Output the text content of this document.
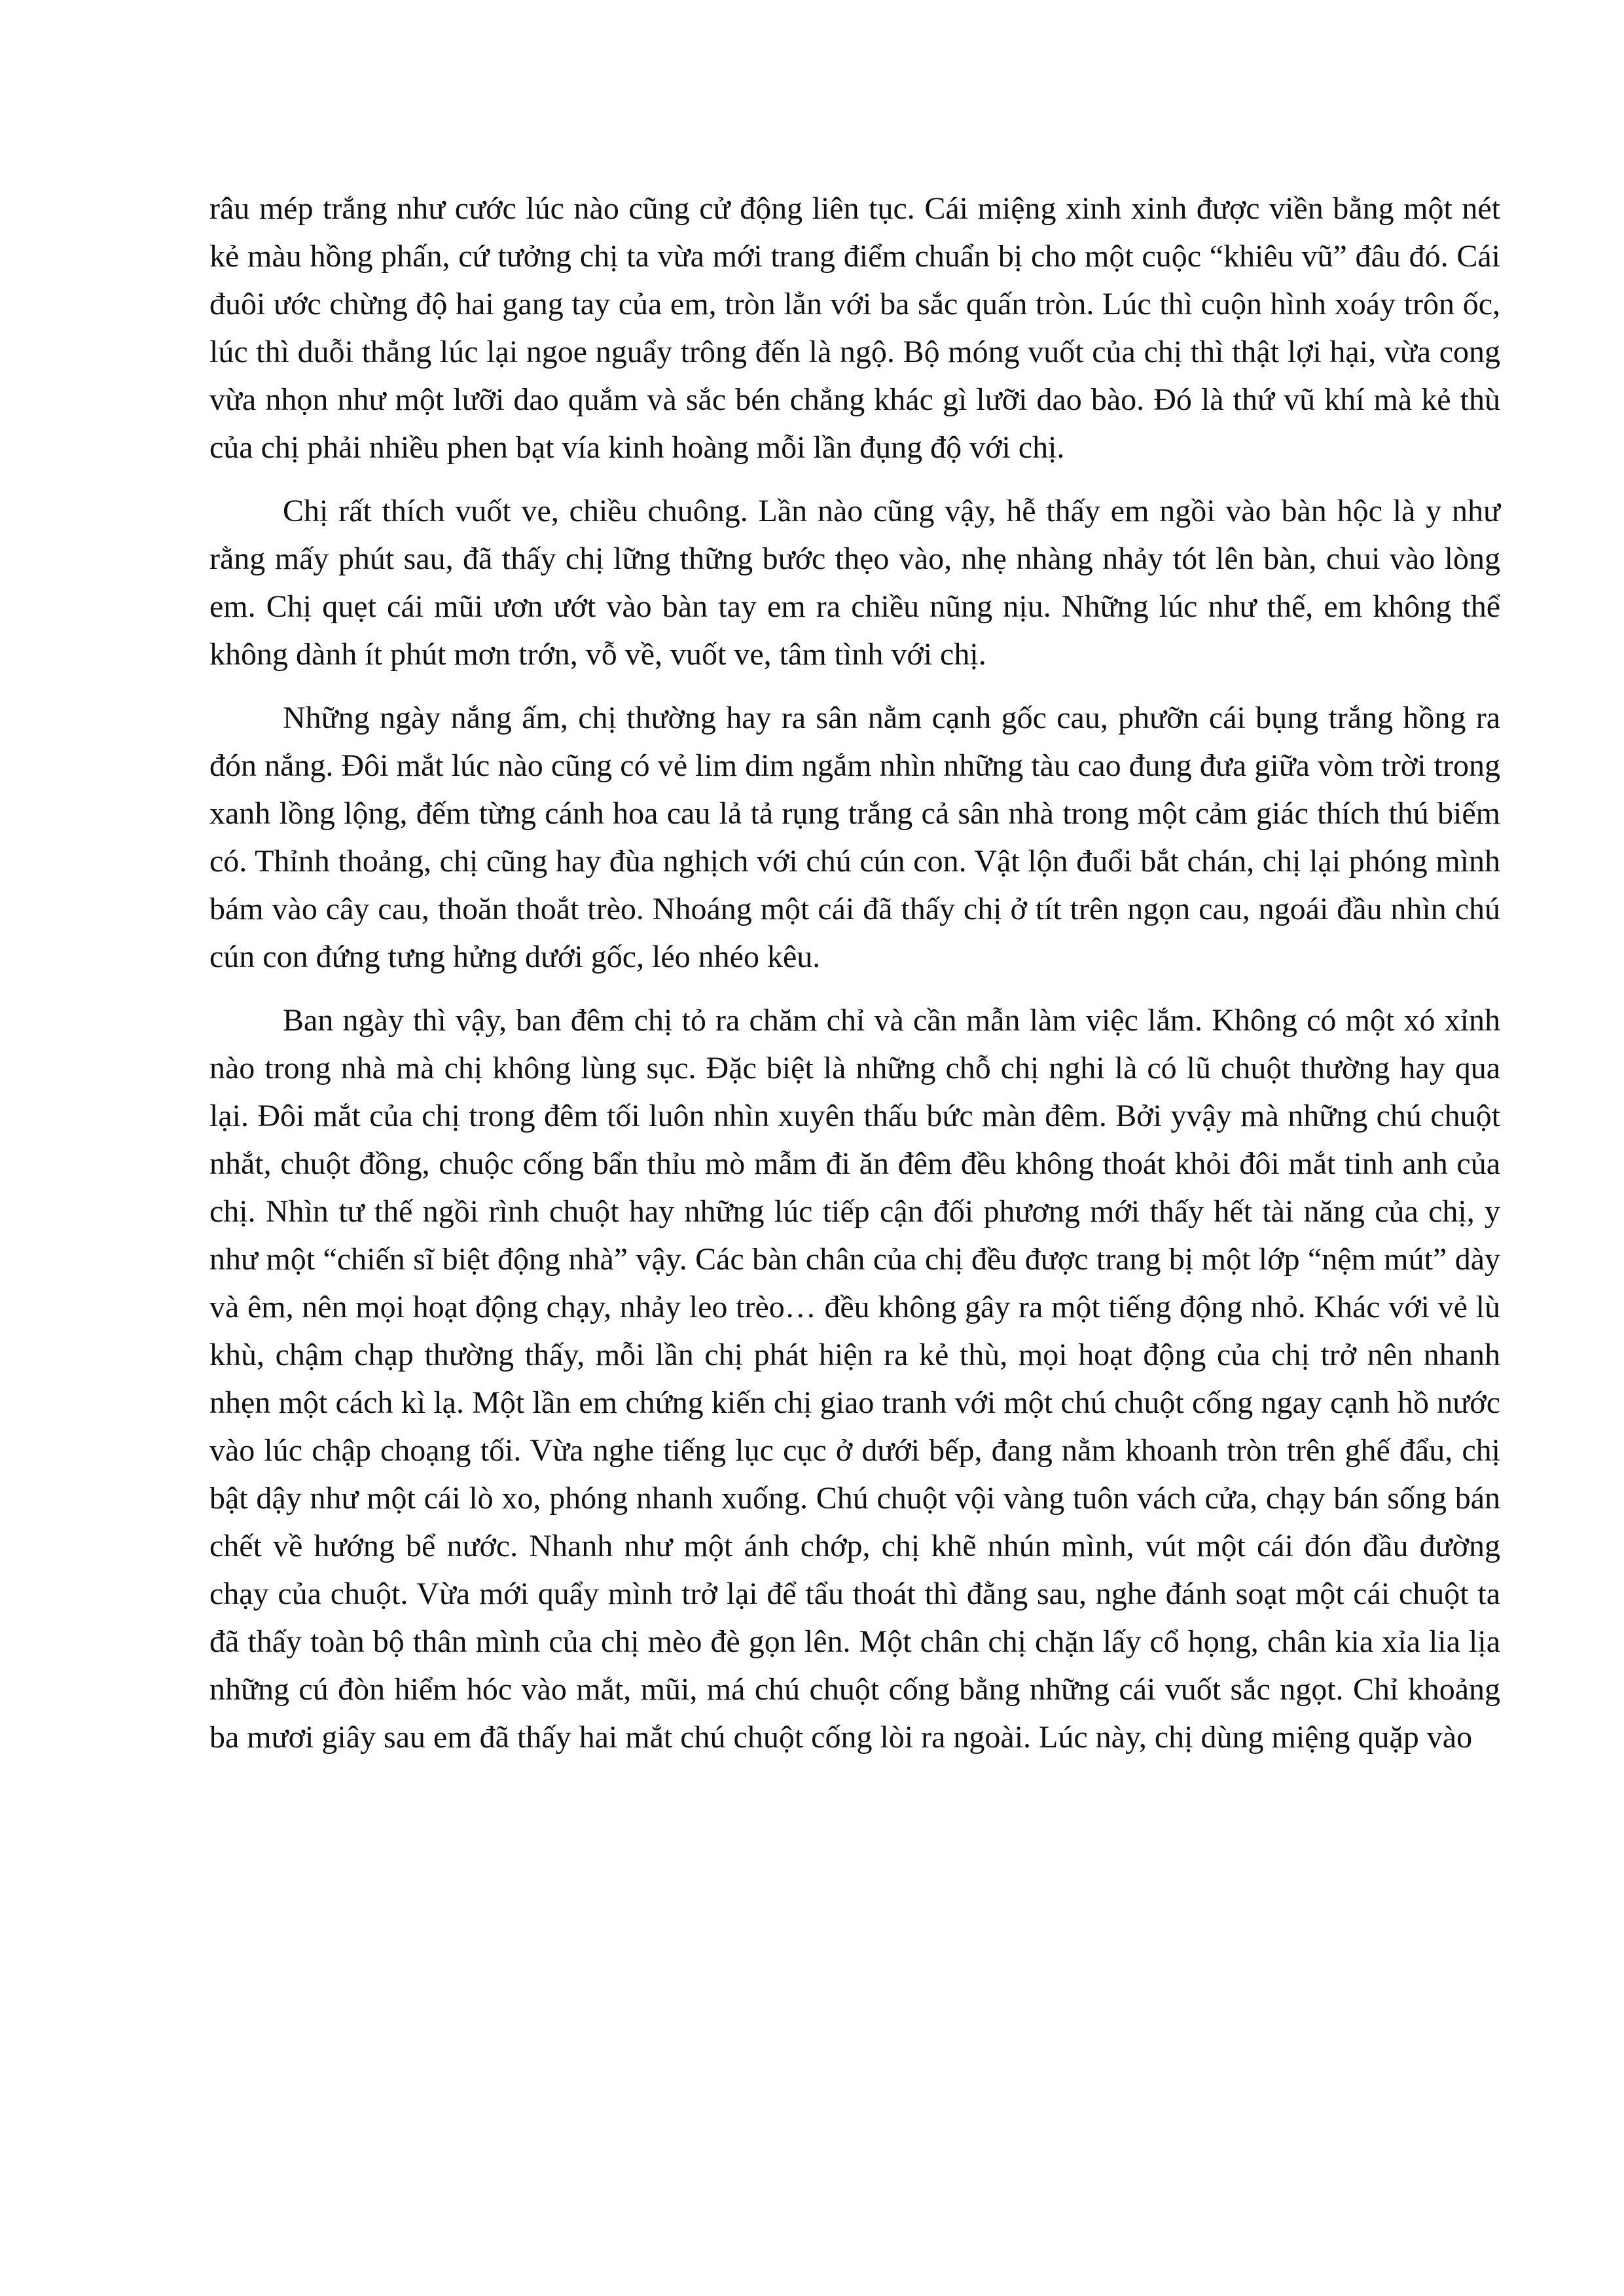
râu mép trắng như cước lúc nào cũng cử động liên tục. Cái miệng xinh xinh được viền bằng một nét kẻ màu hồng phấn, cứ tưởng chị ta vừa mới trang điểm chuẩn bị cho một cuộc “khiêu vũ” đâu đó. Cái đuôi ước chừng độ hai gang tay của em, tròn lẳn với ba sắc quấn tròn. Lúc thì cuộn hình xoáy trôn ốc, lúc thì duỗi thẳng lúc lại ngoe nguẩy trông đến là ngộ. Bộ móng vuốt của chị thì thật lợi hại, vừa cong vừa nhọn như một lưỡi dao quắm và sắc bén chẳng khác gì lưỡi dao bào. Đó là thứ vũ khí mà kẻ thù của chị phải nhiều phen bạt vía kinh hoàng mỗi lần đụng độ với chị.

Chị rất thích vuốt ve, chiều chuông. Lần nào cũng vậy, hễ thấy em ngồi vào bàn hộc là y như rằng mấy phút sau, đã thấy chị lững thững bước thẹo vào, nhẹ nhàng nhảy tót lên bàn, chui vào lòng em. Chị quẹt cái mũi ươn ướt vào bàn tay em ra chiều nũng nịu. Những lúc như thế, em không thể không dành ít phút mơn trớn, vỗ về, vuốt ve, tâm tình với chị.

Những ngày nắng ấm, chị thường hay ra sân nằm cạnh gốc cau, phưỡn cái bụng trắng hồng ra đón nắng. Đôi mắt lúc nào cũng có vẻ lim dim ngắm nhìn những tàu cao đung đưa giữa vòm trời trong xanh lồng lộng, đếm từng cánh hoa cau lả tả rụng trắng cả sân nhà trong một cảm giác thích thú biếm có. Thỉnh thoảng, chị cũng hay đùa nghịch với chú cún con. Vật lộn đuổi bắt chán, chị lại phóng mình bám vào cây cau, thoăn thoắt trèo. Nhoáng một cái đã thấy chị ở tít trên ngọn cau, ngoái đầu nhìn chú cún con đứng tưng hửng dưới gốc, léo nhéo kêu.

Ban ngày thì vậy, ban đêm chị tỏ ra chăm chỉ và cần mẫn làm việc lắm. Không có một xó xỉnh nào trong nhà mà chị không lùng sục. Đặc biệt là những chỗ chị nghi là có lũ chuột thường hay qua lại. Đôi mắt của chị trong đêm tối luôn nhìn xuyên thấu bức màn đêm. Bởi yvậy mà những chú chuột nhắt, chuột đồng, chuộc cống bẩn thỉu mò mẫm đi ăn đêm đều không thoát khỏi đôi mắt tinh anh của chị. Nhìn tư thế ngồi rình chuột hay những lúc tiếp cận đối phương mới thấy hết tài năng của chị, y như một “chiến sĩ biệt động nhà” vậy. Các bàn chân của chị đều được trang bị một lớp “nệm mút” dày và êm, nên mọi hoạt động chạy, nhảy leo trèo… đều không gây ra một tiếng động nhỏ. Khác với vẻ lù khù, chậm chạp thường thấy, mỗi lần chị phát hiện ra kẻ thù, mọi hoạt động của chị trở nên nhanh nhẹn một cách kì lạ. Một lần em chứng kiến chị giao tranh với một chú chuột cống ngay cạnh hồ nước vào lúc chập choạng tối. Vừa nghe tiếng lục cục ở dưới bếp, đang nằm khoanh tròn trên ghế đẩu, chị bật dậy như một cái lò xo, phóng nhanh xuống. Chú chuột vội vàng tuôn vách cửa, chạy bán sống bán chết về hướng bể nước. Nhanh như một ánh chớp, chị khẽ nhún mình, vút một cái đón đầu đường chạy của chuột. Vừa mới quẩy mình trở lại để tẩu thoát thì đằng sau, nghe đánh soạt một cái chuột ta đã thấy toàn bộ thân mình của chị mèo đè gọn lên. Một chân chị chặn lấy cổ họng, chân kia xỉa lia lịa những cú đòn hiểm hóc vào mắt, mũi, má chú chuột cống bằng những cái vuốt sắc ngọt. Chỉ khoảng ba mươi giây sau em đã thấy hai mắt chú chuột cống lòi ra ngoài. Lúc này, chị dùng miệng quặp vào
